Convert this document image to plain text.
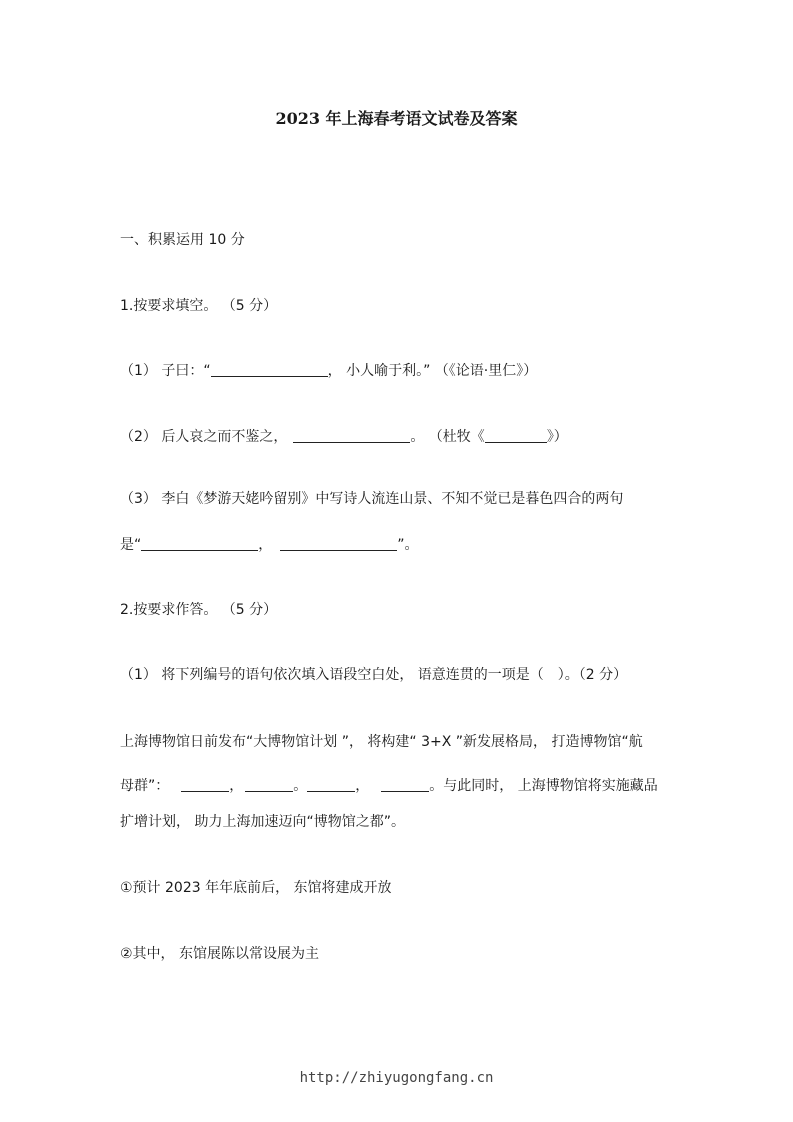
2023 年上海春考语文试卷及答案
一、积累运用 10 分
1.按要求填空。 （5 分）
（1） 子曰：“	， 小人喻于利。” （《论语·里仁》）
（2） 后人哀之而不鉴之，	。 （杜牧《	》）
（3） 李白《梦游天姥吟留别》中写诗人流连山景、不知不觉已是暮色四合的两句
是“	，	”。
2.按要求作答。 （5 分）
（1） 将下列编号的语句依次填入语段空白处， 语意连贯的一项是（　）。（2 分）
上海博物馆日前发布“大博物馆计划 ”， 将构建“ 3+X ”新发展格局， 打造博物馆“航
母群”：	，	。	，	。与此同时， 上海博物馆将实施藏品
扩增计划， 助力上海加速迈向“博物馆之都”。
①预计 2023 年年底前后， 东馆将建成开放
②其中， 东馆展陈以常设展为主
http://zhiyugongfang.cn
